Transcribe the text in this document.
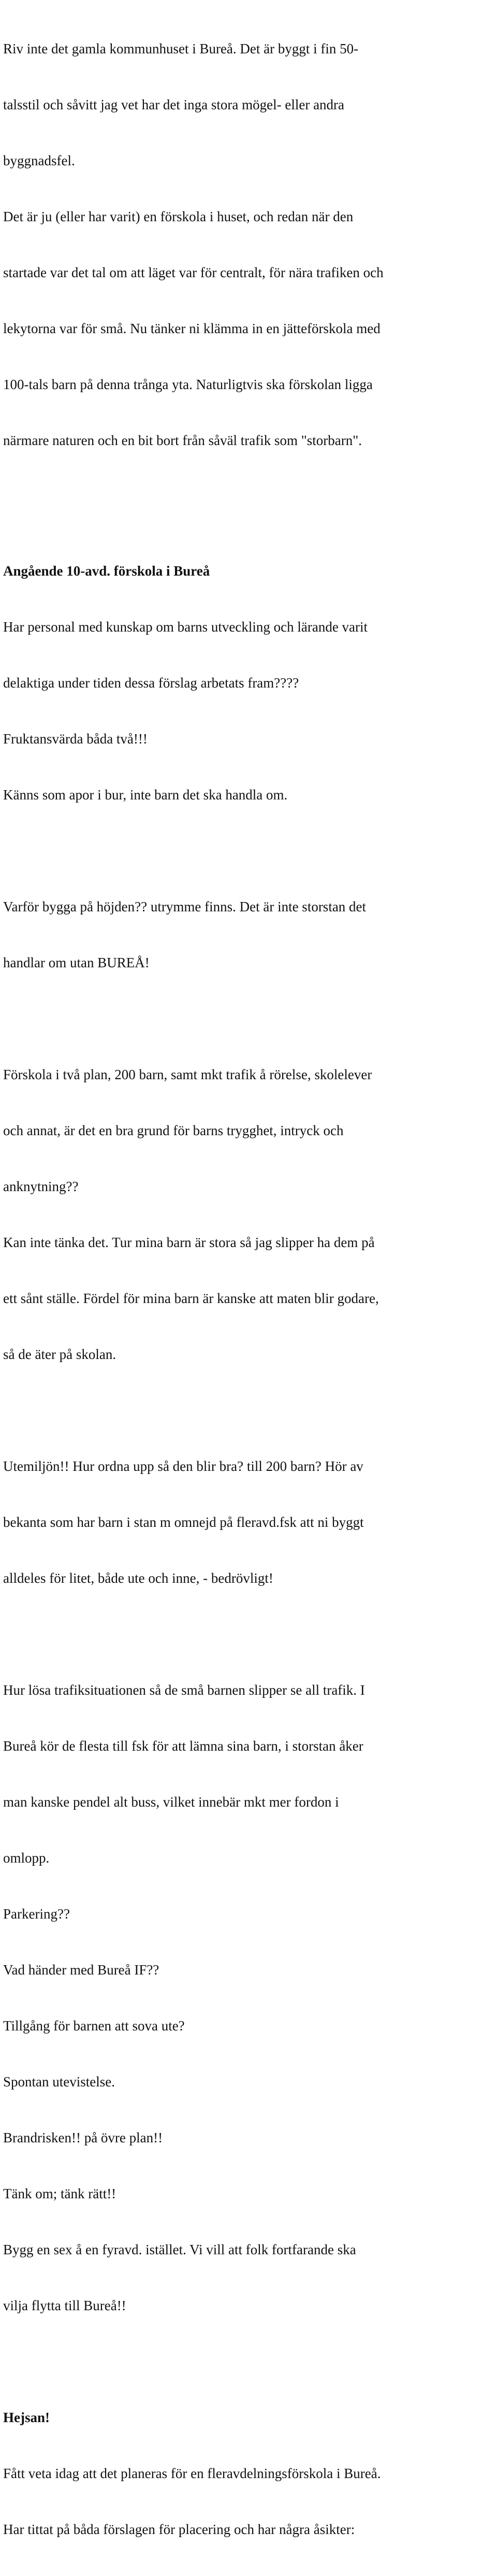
Riv inte det gamla kommunhuset i Bureå. Det är byggt i fin 50-

talsstil och såvitt jag vet har det inga stora mögel- eller andra

byggnadsfel.

Det är ju (eller har varit) en förskola i huset, och redan när den

startade var det tal om att läget var för centralt, för nära trafiken och

lekytorna var för små. Nu tänker ni klämma in en jätteförskola med

100-tals barn på denna trånga yta. Naturligtvis ska förskolan ligga

närmare naturen och en bit bort från såväl trafik som "storbarn".

Angående 10-avd. förskola i Bureå

Har personal med kunskap om barns utveckling och lärande varit

delaktiga under tiden dessa förslag arbetats fram????

Fruktansvärda båda två!!!

Känns som apor i bur, inte barn det ska handla om.

Varför bygga på höjden?? utrymme finns. Det är inte storstan det

handlar om utan BUREÅ!

Förskola i två plan, 200 barn, samt mkt trafik å rörelse, skolelever

och annat, är det en bra grund för barns trygghet, intryck och

anknytning??

Kan inte tänka det. Tur mina barn är stora så jag slipper ha dem på

ett sånt ställe. Fördel för mina barn är kanske att maten blir godare,

så de äter på skolan.

Utemiljön!! Hur ordna upp så den blir bra? till 200 barn? Hör av

bekanta som har barn i stan m omnejd på fleravd.fsk att ni byggt

alldeles för litet, både ute och inne, - bedrövligt!

Hur lösa trafiksituationen så de små barnen slipper se all trafik. I

Bureå kör de flesta till fsk för att lämna sina barn, i storstan åker

man kanske pendel alt buss, vilket innebär mkt mer fordon i

omlopp.

Parkering??

Vad händer med Bureå IF??

Tillgång för barnen att sova ute?

Spontan utevistelse.

Brandrisken!! på övre plan!!

Tänk om; tänk rätt!!

Bygg en sex å en fyravd. istället. Vi vill att folk fortfarande ska

vilja flytta till Bureå!!

Hejsan!

Fått veta idag att det planeras för en fleravdelningsförskola i Bureå.

Har tittat på båda förslagen för placering och har några åsikter:
